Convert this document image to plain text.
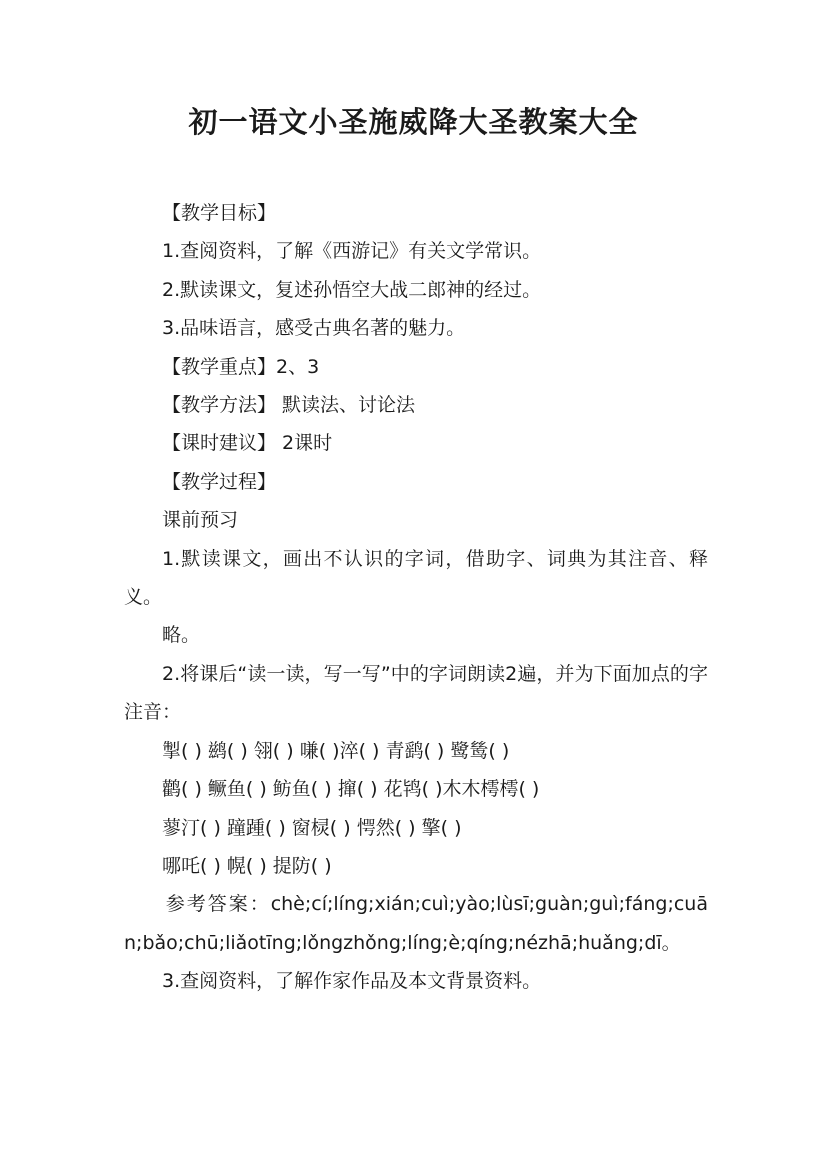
初一语文小圣施威降大圣教案大全

【教学目标】

1.查阅资料，了解《西游记》有关文学常识。

2.默读课文，复述孙悟空大战二郎神的经过。

3.品味语言，感受古典名著的魅力。

【教学重点】2、3

【教学方法】 默读法、讨论法

【课时建议】 2课时

【教学过程】

课前预习

1.默读课文，画出不认识的字词，借助字、词典为其注音、释义。

略。

2.将课后“读一读，写一写”中的字词朗读2遍，并为下面加点的字注音：

掣( ) 鹚( ) 翎( ) 嗛( )淬( ) 青鹞( ) 鹭鸶( )

鹳( ) 鳜鱼( ) 鲂鱼( ) 撺( ) 花鸨( )木木樗樗( )

蓼汀( ) 蹱踵( ) 窗棂( ) 愕然( ) 擎( )

哪吒( ) 幌( ) 提防( )

参考答案：chè;cí;líng;xián;cuì;yào;lùsī;guàn;guì;fáng;cuān;bǎo;chū;liǎotīng;lǒngzhǒng;líng;è;qíng;nézhā;huǎng;dī。

3.查阅资料，了解作家作品及本文背景资料。
